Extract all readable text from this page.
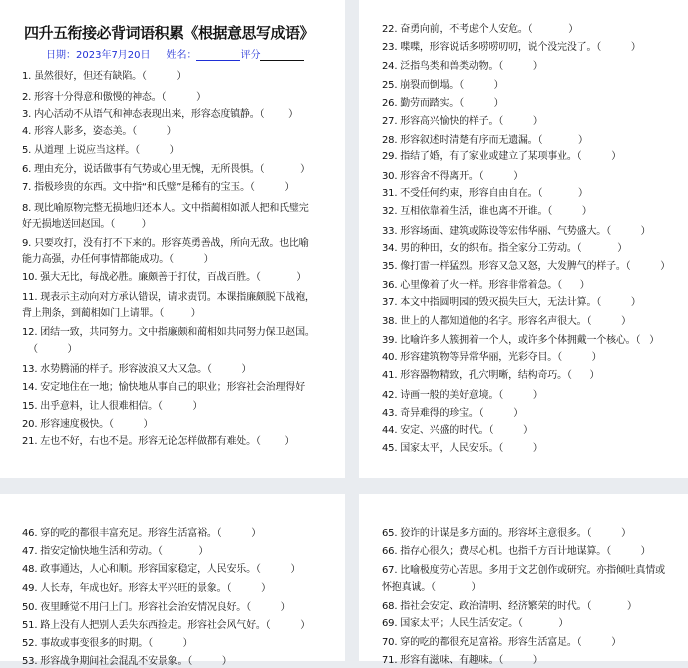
四升五衔接必背词语积累《根据意思写成语》
日期：2023年7月20日 姓名：	评分
1. 虽然很好，但还有缺陷。（          ）
2. 形容十分得意和傲慢的神态。（          ）
3. 内心活动不从语气和神态表现出来，形容态度镇静。（        ）
4. 形容人影多，姿态美。（          ）
5. 从道理 上说应当这样。（          ）
6. 理由充分，说话做事有气势或心里无愧，无所畏惧。（            ）
7. 指极珍贵的东西。文中指“和氏璧”是稀有的宝玉。（          ）
8. 现比喻原物完整无损地归还本人。文中指蔺相如派人把和氏璧完
好无损地送回赵国。（         ）
9. 只要攻打，没有打不下来的。形容英勇善战，所向无敌。也比喻
能力高强，办任何事情都能成功。（          ）
10. 强大无比，每战必胜。廉颇善于打仗，百战百胜。（            ）
11. 现表示主动向对方承认错误，请求责罚。本课指廉颇脱下战袍，
背上荆条，到蔺相如门上请罪。（         ）
12. 团结一致，共同努力。文中指廉颇和蔺相如共同努力保卫赵国。
（          ）
13. 水势腾涌的样子。形容波浪又大又急。（          ）
14. 安定地住在一地；愉快地从事自己的职业；形容社会治理得好
15. 出乎意料，让人很难相信。（          ）
20. 形容速度极快。（          ）
21. 左也不好，右也不是。形容无论怎样做都有难处。（        ）
22. 奋勇向前，不考虑个人安危。（            ）
23. 喋喋，形容说话多唠唠叨叨，说个没完没了。（          ）
24. 泛指鸟类和兽类动物。（          ）
25. 崩裂而倒塌。（          ）
26. 勤劳而踏实。（          ）
27. 形容高兴愉快的样子。（          ）
28. 形容叙述时清楚有序而无遗漏。（            ）
29. 指结了婚，有了家业或建立了某项事业。（          ）
30. 形容舍不得离开。（          ）
31. 不受任何约束，形容自由自在。（            ）
32. 互相依靠着生活，谁也离不开谁。（          ）
33. 形容场面、建筑或陈设等宏伟华丽、气势盛大。（          ）
34. 男的种田，女的织布。指全家分工劳动。（            ）
35. 像打雷一样猛烈。形容又急又怒，大发脾气的样子。（          ）
36. 心里像着了火一样。形容非常着急。（      ）
37. 本文中指圆明园的毁灭损失巨大，无法计算。（          ）
38. 世上的人都知道他的名字。形容名声很大。（          ）
39. 比喻许多人簇拥着一个人，或许多个体拥戴一个核心。（   ）
40. 形容建筑物等异常华丽，光彩夺目。（          ）
41. 形容器物精致，孔穴明晰，结构奇巧。（      ）
42. 诗画一般的美好意境。（          ）
43. 奇异难得的珍宝。（          ）
44. 安定、兴盛的时代。（          ）
45. 国家太平，人民安乐。（          ）
46. 穿的吃的都很丰富充足。形容生活富裕。（          ）
47. 指安定愉快地生活和劳动。（            ）
48. 政事通达，人心和顺。形容国家稳定，人民安乐。（          ）
49. 人长寿，年成也好。形容太平兴旺的景象。（          ）
50. 夜里睡觉不用闩上门。形容社会治安情况良好。（          ）
51. 路上没有人把别人丢失东西捡走。形容社会风气好。（          ）
52. 事故或事变很多的时期。（          ）
53. 形容战争期间社会混乱不安景象。（          ）
65. 狡诈的计谋是多方面的。形容坏主意很多。（          ）
66. 指存心很久；费尽心机。也指千方百计地谋算。（          ）
67. 比喻极度劳心苦思。多用于文艺创作或研究。亦指倾吐真情或
怀抱真诚。（            ）
68. 指社会安定、政治清明、经济繁荣的时代。（            ）
69. 国家太平；人民生活安定。（            ）
70. 穿的吃的都很充足富裕。形容生活富足。（          ）
71. 形容有滋味、有趣味。（          ）
